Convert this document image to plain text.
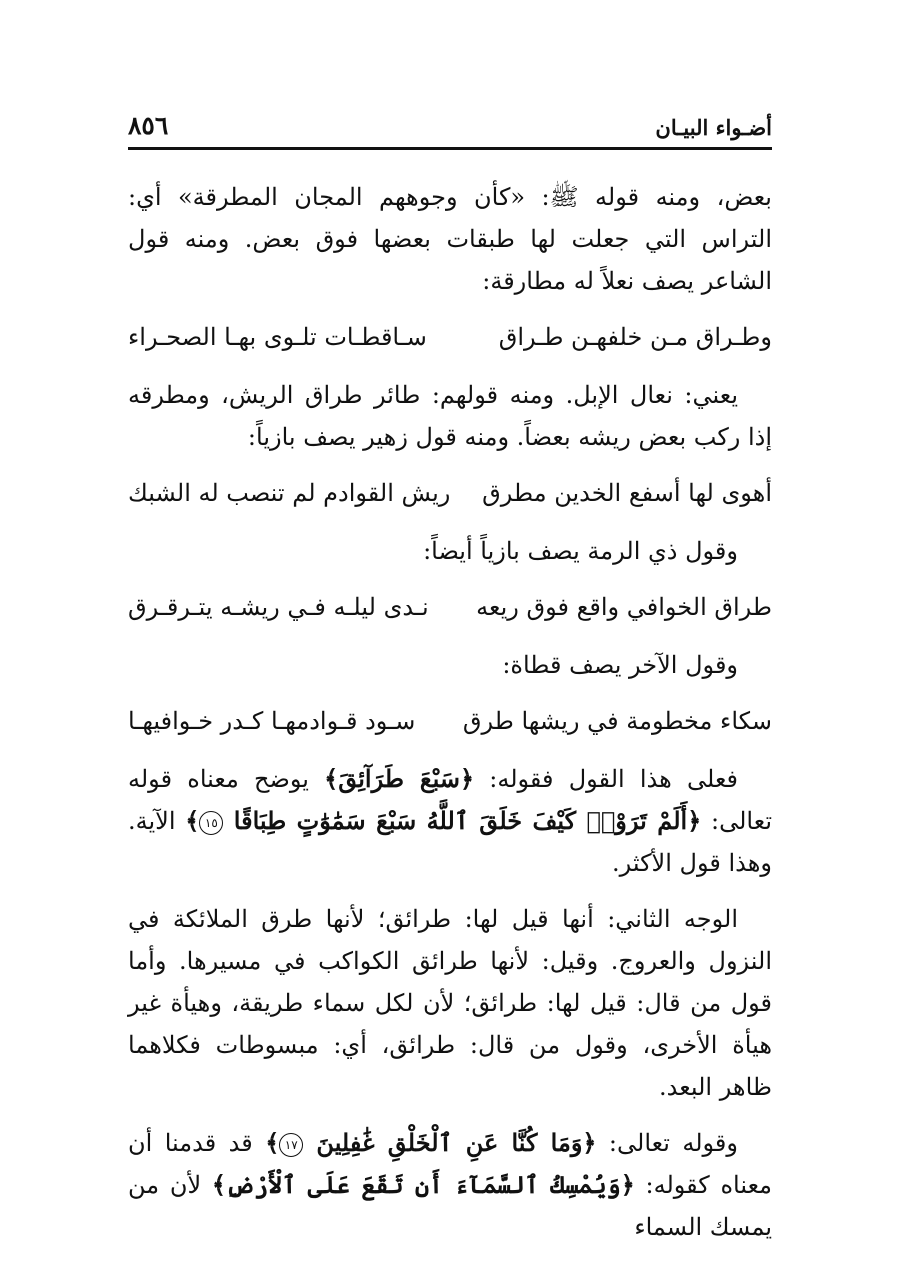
أضـواء البيـان
٨٥٦

بعض، ومنه قوله ﷺ: «كأن وجوههم المجان المطرقة» أي: التراس التي جعلت لها طبقات بعضها فوق بعض. ومنه قول الشاعر يصف نعلاً له مطارقة:

وطـراق مـن خلفهـن طـراق
سـاقطـات تلـوى بهـا الصحـراء

يعني: نعال الإبل. ومنه قولهم: طائر طراق الريش، ومطرقه إذا ركب بعض ريشه بعضاً. ومنه قول زهير يصف بازياً:

أهوى لها أسفع الخدين مطرق
ريش القوادم لم تنصب له الشبك

وقول ذي الرمة يصف بازياً أيضاً:

طراق الخوافي واقع فوق ريعه
نـدى ليلـه فـي ريشـه يتـرقـرق

وقول الآخر يصف قطاة:

سكاء مخطومة في ريشها طرق
سـود قـوادمهـا كـدر خـوافيهـا

فعلى هذا القول فقوله: ﴿سَبْعَ طَرَآئِقَ﴾ يوضح معناه قوله تعالى: ﴿أَلَمْ تَرَوْا۟ كَيْفَ خَلَقَ ٱللَّهُ سَبْعَ سَمَٰوَٰتٍ طِبَاقًا ١٥﴾ الآية. وهذا قول الأكثر.

الوجه الثاني: أنها قيل لها: طرائق؛ لأنها طرق الملائكة في النزول والعروج. وقيل: لأنها طرائق الكواكب في مسيرها. وأما قول من قال: قيل لها: طرائق؛ لأن لكل سماء طريقة، وهيأة غير هيأة الأخرى، وقول من قال: طرائق، أي: مبسوطات فكلاهما ظاهر البعد.

وقوله تعالى: ﴿وَمَا كُنَّا عَنِ ٱلْخَلْقِ غَٰفِلِينَ ١٧﴾ قد قدمنا أن معناه كقوله: ﴿وَيُمْسِكُ ٱلسَّمَآءَ أَن تَقَعَ عَلَى ٱلْأَرْضِ﴾ لأن من يمسك السماء
